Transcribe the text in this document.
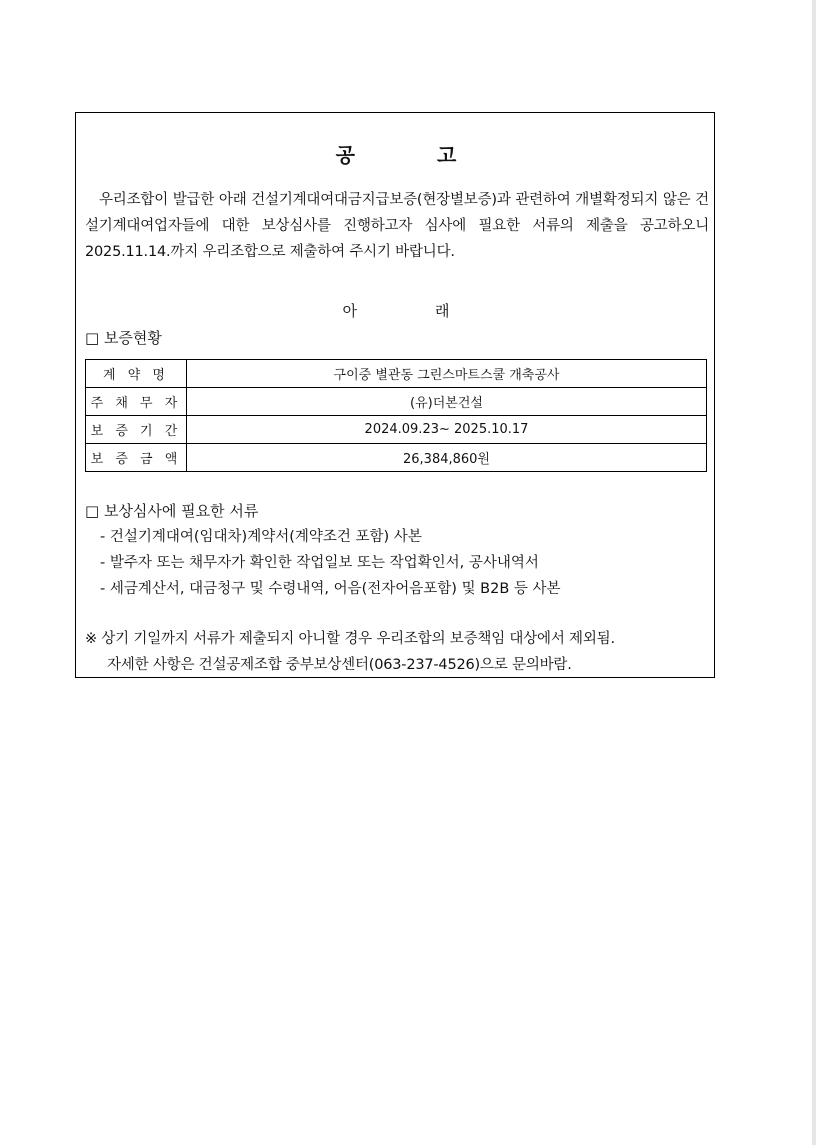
공	고

우리조합이 발급한 아래 건설기계대여대금지급보증(현장별보증)과 관련하여 개별확정되지 않은 건설기계대여업자들에 대한 보상심사를 진행하고자 심사에 필요한 서류의 제출을 공고하오니 2025.11.14.까지 우리조합으로 제출하여 주시기 바랍니다.

아	래
□ 보증현황
계 약 명	구이중 별관동 그린스마트스쿨 개축공사
주 채 무 자	(유)더본건설
보 증 기 간	2024.09.23~ 2025.10.17
보 증 금 액	26,384,860원
□ 보상심사에 필요한 서류
- 건설기계대여(임대차)계약서(계약조건 포함) 사본
- 발주자 또는 채무자가 확인한 작업일보 또는 작업확인서, 공사내역서
- 세금계산서, 대금청구 및 수령내역, 어음(전자어음포함) 및 B2B 등 사본
※ 상기 기일까지 서류가 제출되지 아니할 경우 우리조합의 보증책임 대상에서 제외됨.
자세한 사항은 건설공제조합 중부보상센터(063-237-4526)으로 문의바람.
